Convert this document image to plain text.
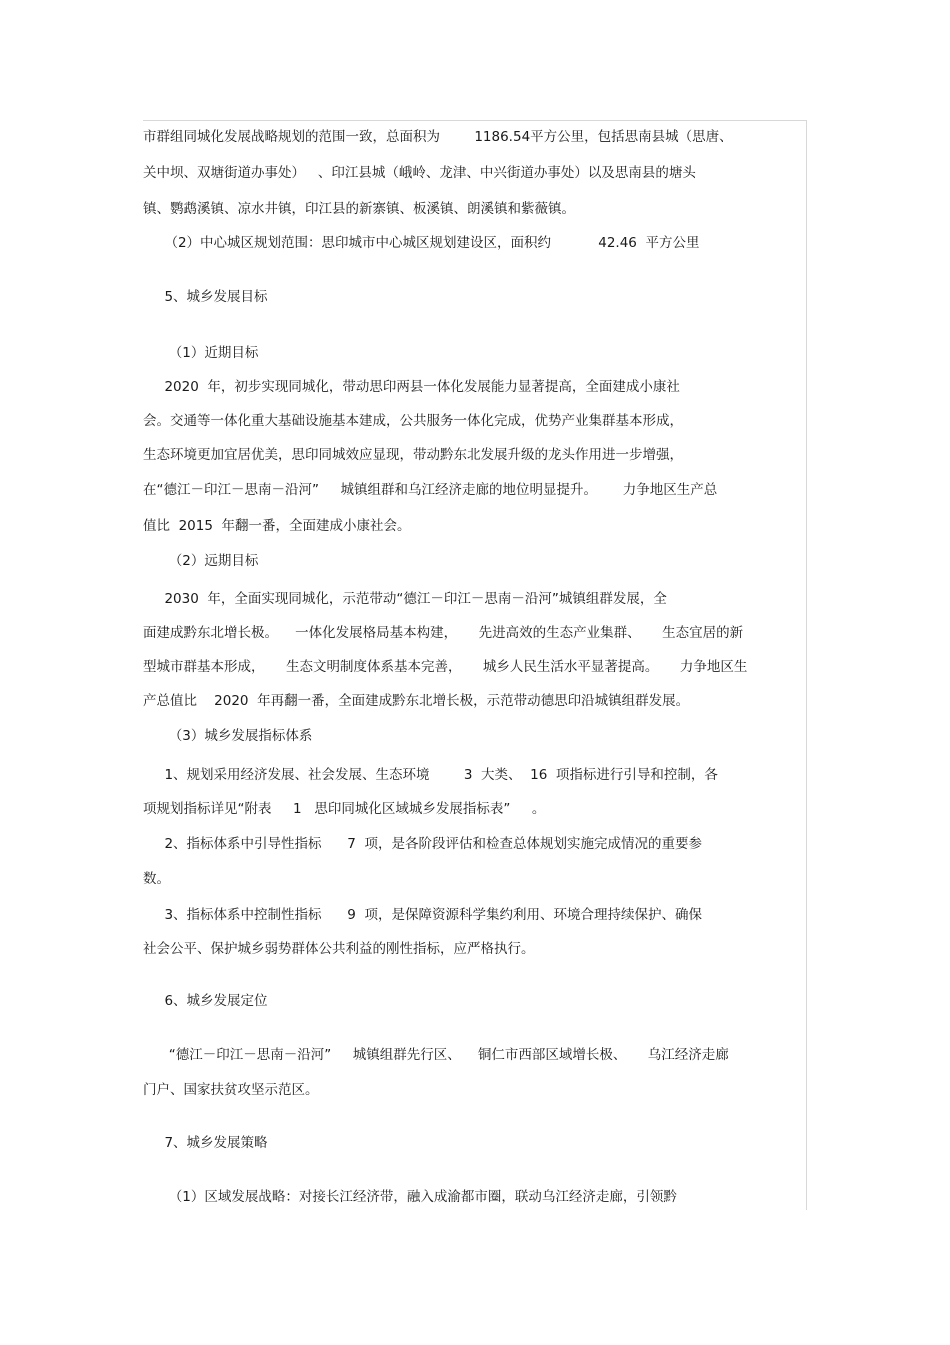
市群组同城化发展战略规划的范围一致，总面积为        1186.54平方公里，包括思南县城（思唐、
关中坝、双塘街道办事处）   、印江县城（峨岭、龙津、中兴街道办事处）以及思南县的塘头
镇、鹦鹉溪镇、凉水井镇，印江县的新寨镇、板溪镇、朗溪镇和紫薇镇。
（2）中心城区规划范围：思印城市中心城区规划建设区，面积约           42.46  平方公里
5、城乡发展目标
（1）近期目标
2020  年，初步实现同城化，带动思印两县一体化发展能力显著提高，全面建成小康社
会。交通等一体化重大基础设施基本建成，公共服务一体化完成，优势产业集群基本形成，
生态环境更加宜居优美，思印同城效应显现，带动黔东北发展升级的龙头作用进一步增强，
在“德江－印江－思南－沿河”     城镇组群和乌江经济走廊的地位明显提升。      力争地区生产总
值比  2015  年翻一番，全面建成小康社会。
（2）远期目标
2030  年，全面实现同城化，示范带动“德江－印江－思南－沿河”城镇组群发展，全
面建成黔东北增长极。    一体化发展格局基本构建，     先进高效的生态产业集群、     生态宜居的新
型城市群基本形成，     生态文明制度体系基本完善，     城乡人民生活水平显著提高。     力争地区生
产总值比    2020  年再翻一番，全面建成黔东北增长极，示范带动德思印沿城镇组群发展。
（3）城乡发展指标体系
1、规划采用经济发展、社会发展、生态环境        3  大类、  16  项指标进行引导和控制，各
项规划指标详见“附表     1   思印同城化区域城乡发展指标表”     。
2、指标体系中引导性指标      7  项，是各阶段评估和检查总体规划实施完成情况的重要参
数。
3、指标体系中控制性指标      9  项，是保障资源科学集约利用、环境合理持续保护、确保
社会公平、保护城乡弱势群体公共利益的刚性指标，应严格执行。
6、城乡发展定位
“德江－印江－思南－沿河”     城镇组群先行区、    铜仁市西部区域增长极、     乌江经济走廊
门户、国家扶贫攻坚示范区。
7、城乡发展策略
（1）区域发展战略：对接长江经济带，融入成渝都市圈，联动乌江经济走廊，引领黔
